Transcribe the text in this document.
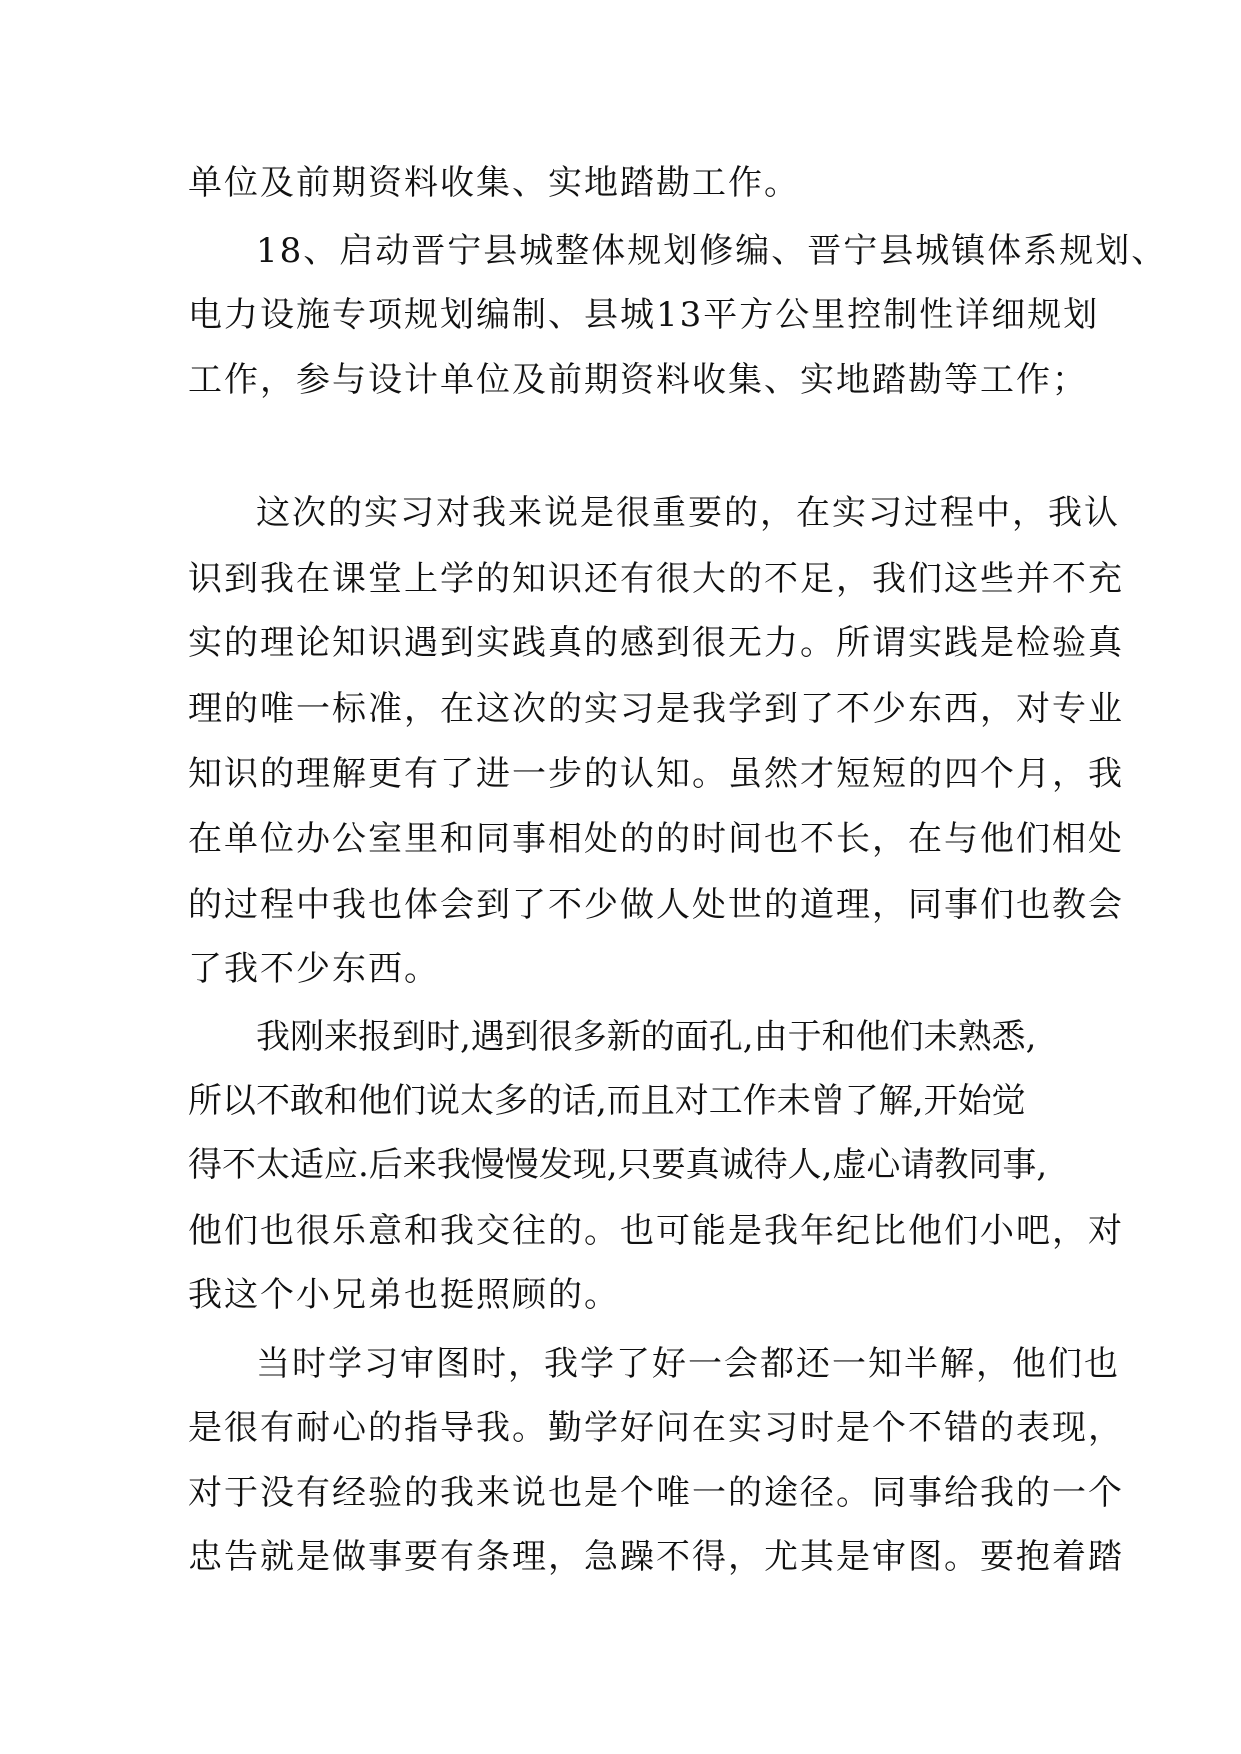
单位及前期资料收集、实地踏勘工作。
18、启动晋宁县城整体规划修编、晋宁县城镇体系规划、
电力设施专项规划编制、县城13平方公里控制性详细规划
工作，参与设计单位及前期资料收集、实地踏勘等工作；
这次的实习对我来说是很重要的，在实习过程中，我认
识到我在课堂上学的知识还有很大的不足，我们这些并不充
实的理论知识遇到实践真的感到很无力。所谓实践是检验真
理的唯一标准，在这次的实习是我学到了不少东西，对专业
知识的理解更有了进一步的认知。虽然才短短的四个月，我
在单位办公室里和同事相处的的时间也不长，在与他们相处
的过程中我也体会到了不少做人处世的道理，同事们也教会
了我不少东西。
我刚来报到时,遇到很多新的面孔,由于和他们未熟悉,
所以不敢和他们说太多的话,而且对工作未曾了解,开始觉
得不太适应.后来我慢慢发现,只要真诚待人,虚心请教同事,
他们也很乐意和我交往的。也可能是我年纪比他们小吧，对
我这个小兄弟也挺照顾的。
当时学习审图时，我学了好一会都还一知半解，他们也
是很有耐心的指导我。勤学好问在实习时是个不错的表现，
对于没有经验的我来说也是个唯一的途径。同事给我的一个
忠告就是做事要有条理，急躁不得，尤其是审图。要抱着踏
